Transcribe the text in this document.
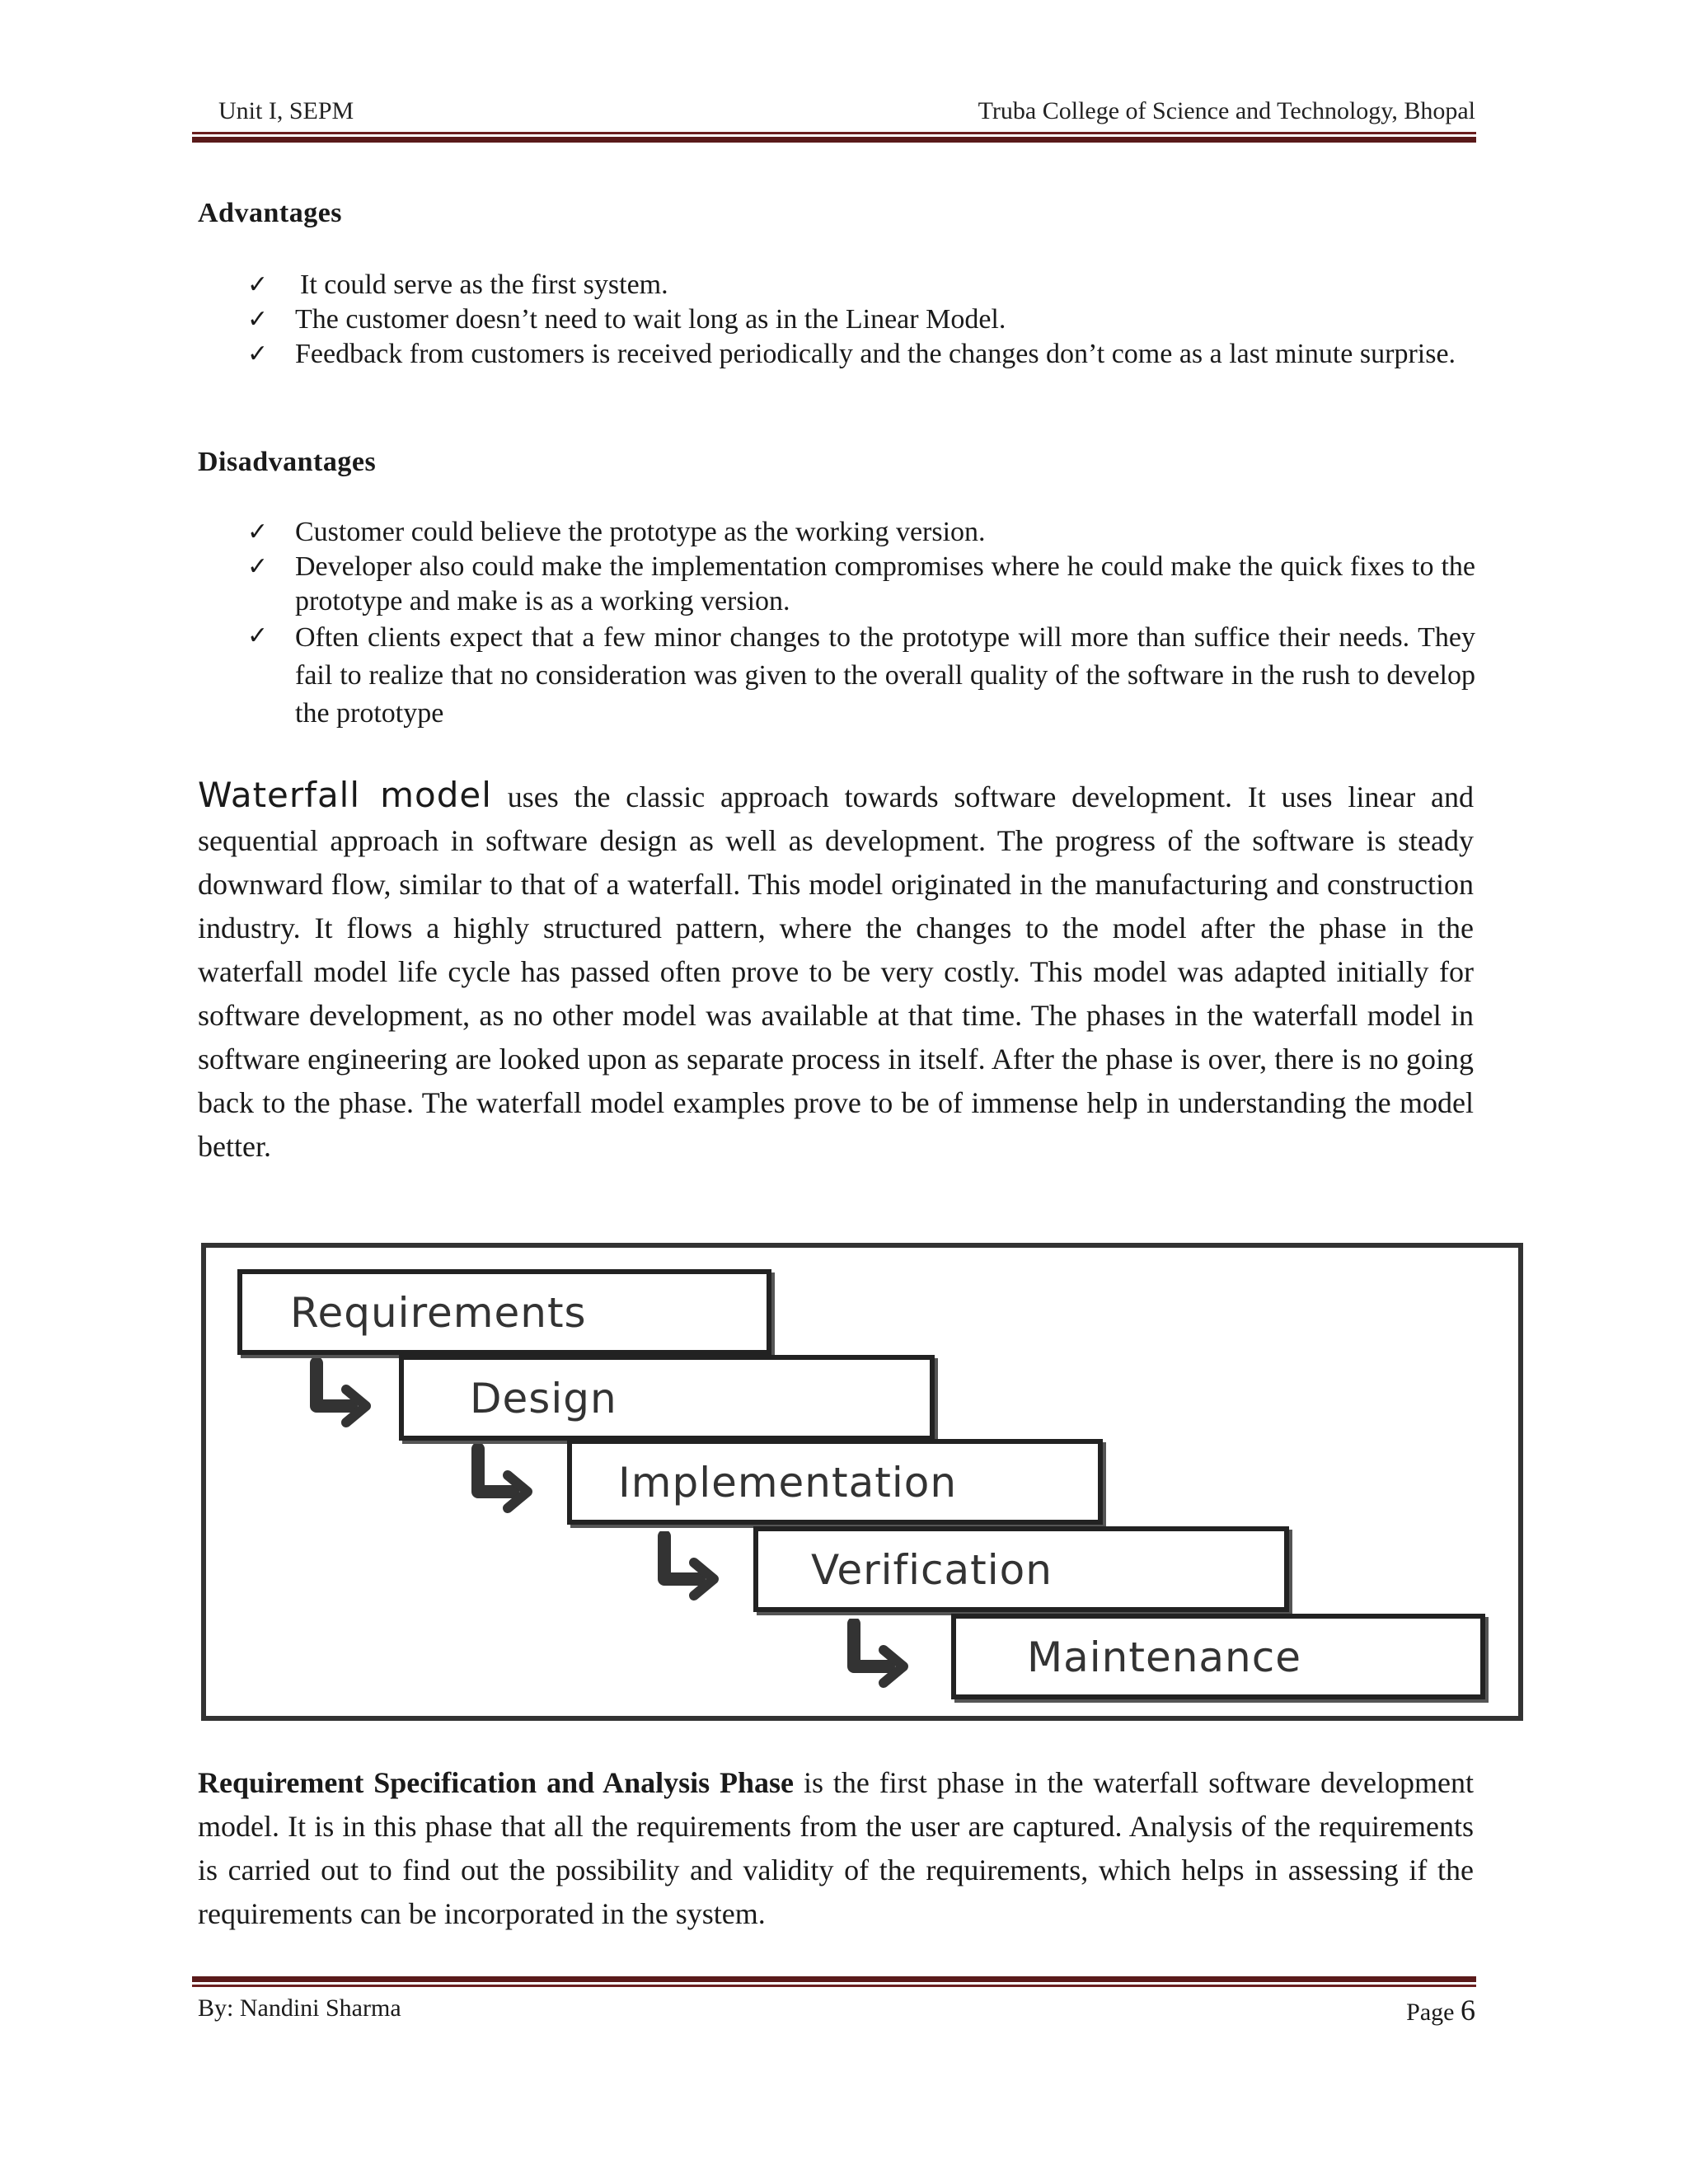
Unit I, SEPM	Truba College of Science and Technology, Bhopal
Advantages
✓	It could serve as the first system.
✓ The customer doesn’t need to wait long as in the Linear Model.
✓ Feedback from customers is received periodically and the changes don’t come as a last minute surprise.
Disadvantages
✓ Customer could believe the prototype as the working version.
✓ Developer also could make the implementation compromises where he could make the quick fixes to the prototype and make is as a working version.
✓ Often clients expect that a few minor changes to the prototype will more than suffice their needs. They fail to realize that no consideration was given to the overall quality of the software in the rush to develop the prototype
Waterfall model uses the classic approach towards software development. It uses linear and sequential approach in software design as well as development. The progress of the software is steady downward flow, similar to that of a waterfall. This model originated in the manufacturing and construction industry. It flows a highly structured pattern, where the changes to the model after the phase in the waterfall model life cycle has passed often prove to be very costly. This model was adapted initially for software development, as no other model was available at that time. The phases in the waterfall model in software engineering are looked upon as separate process in itself. After the phase is over, there is no going back to the phase. The waterfall model examples prove to be of immense help in understanding the model better.
Requirements
Design
Implementation
Verification
Maintenance
Requirement Specification and Analysis Phase is the first phase in the waterfall software development model. It is in this phase that all the requirements from the user are captured. Analysis of the requirements is carried out to find out the possibility and validity of the requirements, which helps in assessing if the requirements can be incorporated in the system.
By: Nandini Sharma	Page 6
